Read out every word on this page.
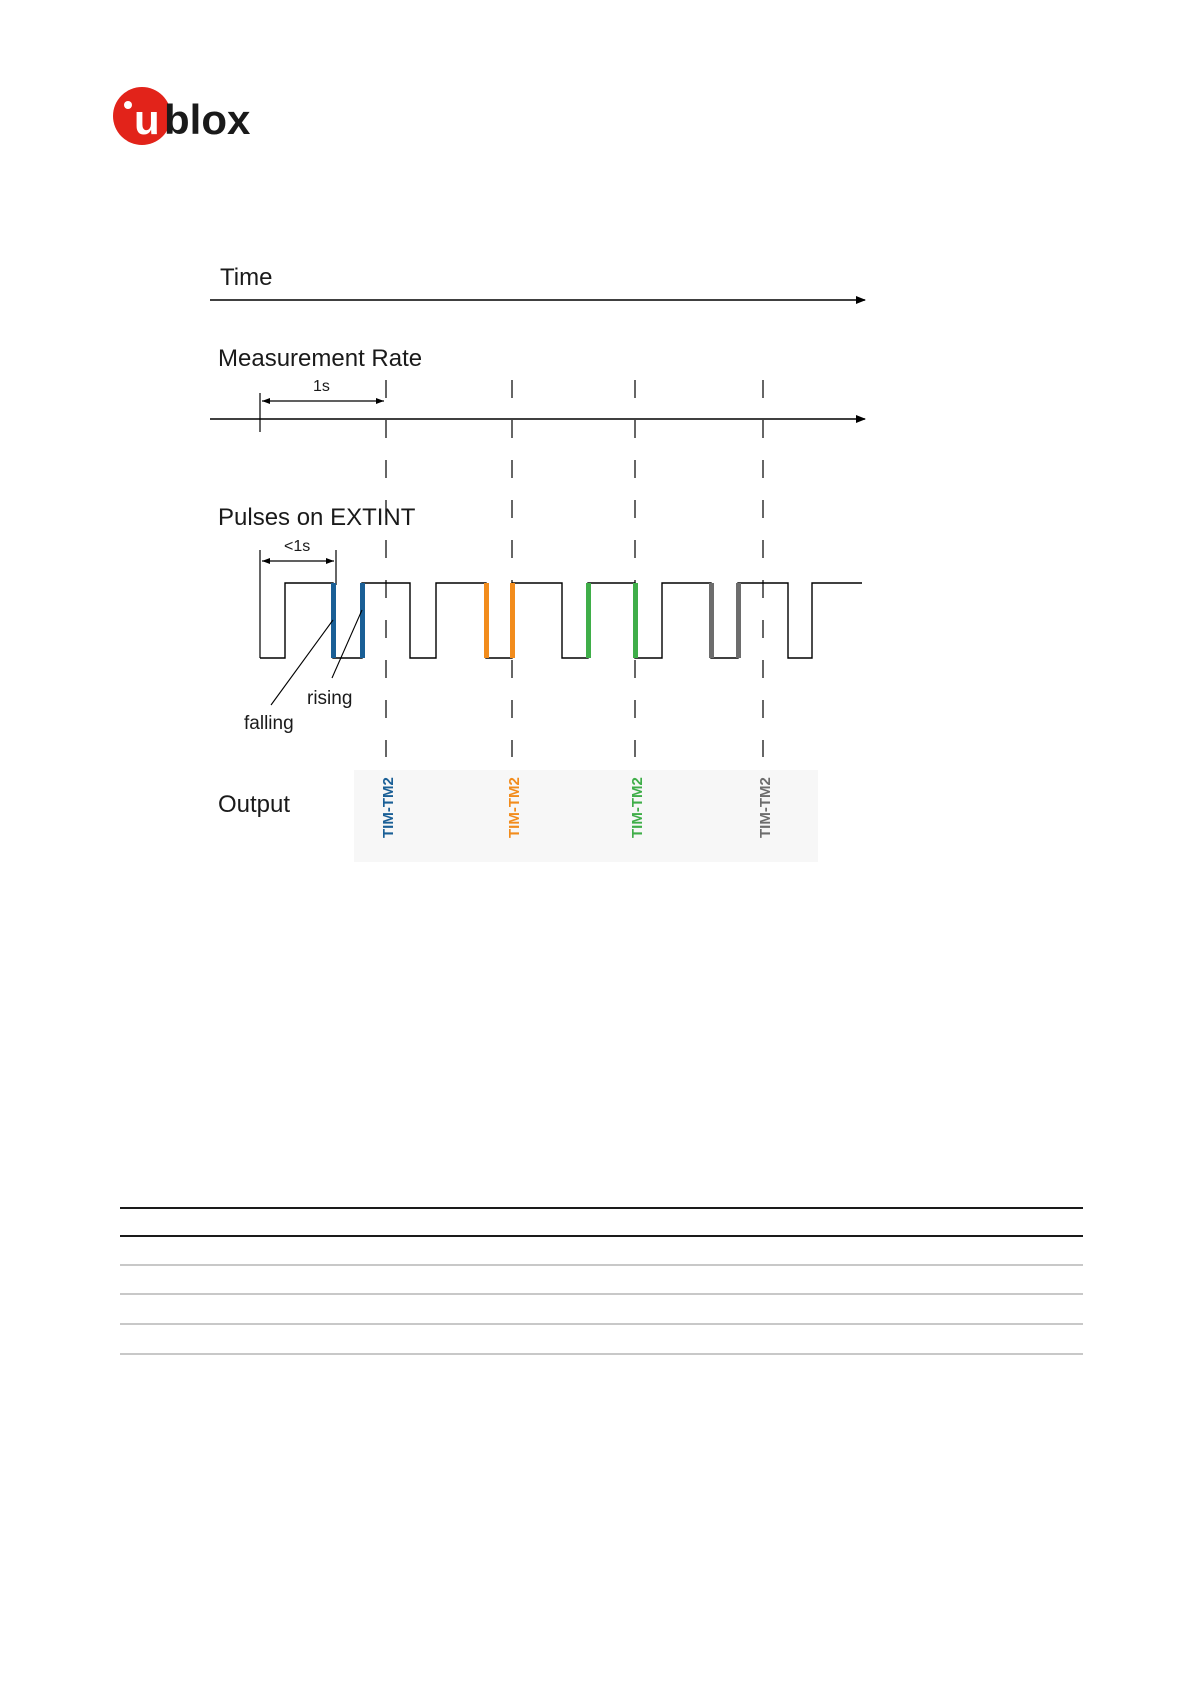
u blox
Time
Measurement Rate
1s
Pulses on EXTINT
<1s
rising
falling
Output	TIM-TM2	TIM-TM2	TIM-TM2	TIM-TM2
